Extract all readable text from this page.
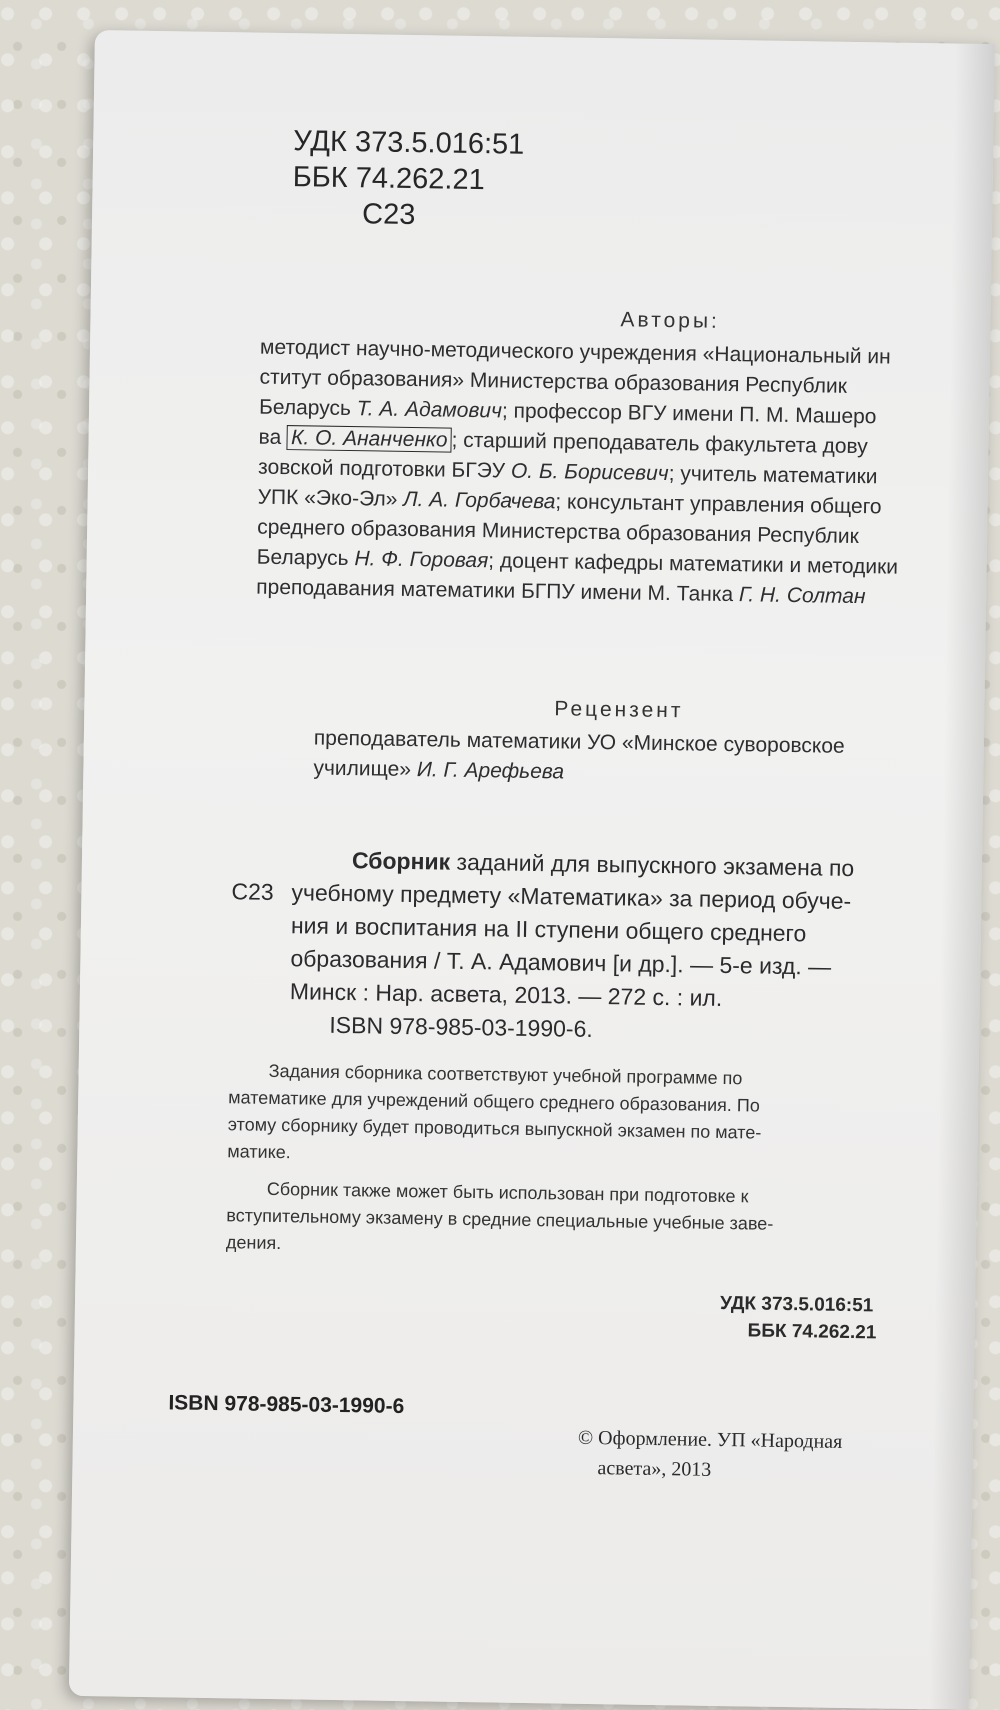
УДК 373.5.016:51
ББК 74.262.21
С23
Авторы:
методист научно-методического учреждения «Национальный ин
ститут образования» Министерства образования Республик
Беларусь Т. А. Адамович; профессор ВГУ имени П. М. Машеро
ва К. О. Ананченко ; старший преподаватель факультета дову
зовской подготовки БГЭУ О. Б. Борисевич; учитель математики
УПК «Эко-Эл» Л. А. Горбачева; консультант управления общего
среднего образования Министерства образования Республик
Беларусь Н. Ф. Горовая; доцент кафедры математики и методики
преподавания математики БГПУ имени М. Танка Г. Н. Солтан
Рецензент
преподаватель математики УО «Минское суворовское
училище» И. Г. Арефьева
Сборник заданий для выпускного экзамена по
С23 учебному предмету «Математика» за период обуче-
ния и воспитания на II ступени общего среднего
образования / Т. А. Адамович [и др.]. — 5-е изд. —
Минск : Нар. асвета, 2013. — 272 с. : ил.
ISBN 978-985-03-1990-6.
Задания сборника соответствуют учебной программе по
математике для учреждений общего среднего образования. По
этому сборнику будет проводиться выпускной экзамен по мате-
матике.
Сборник также может быть использован при подготовке к
вступительному экзамену в средние специальные учебные заве-
дения.
УДК 373.5.016:51
ББК 74.262.21
ISBN 978-985-03-1990-6
© Оформление. УП «Народная
асвета», 2013
